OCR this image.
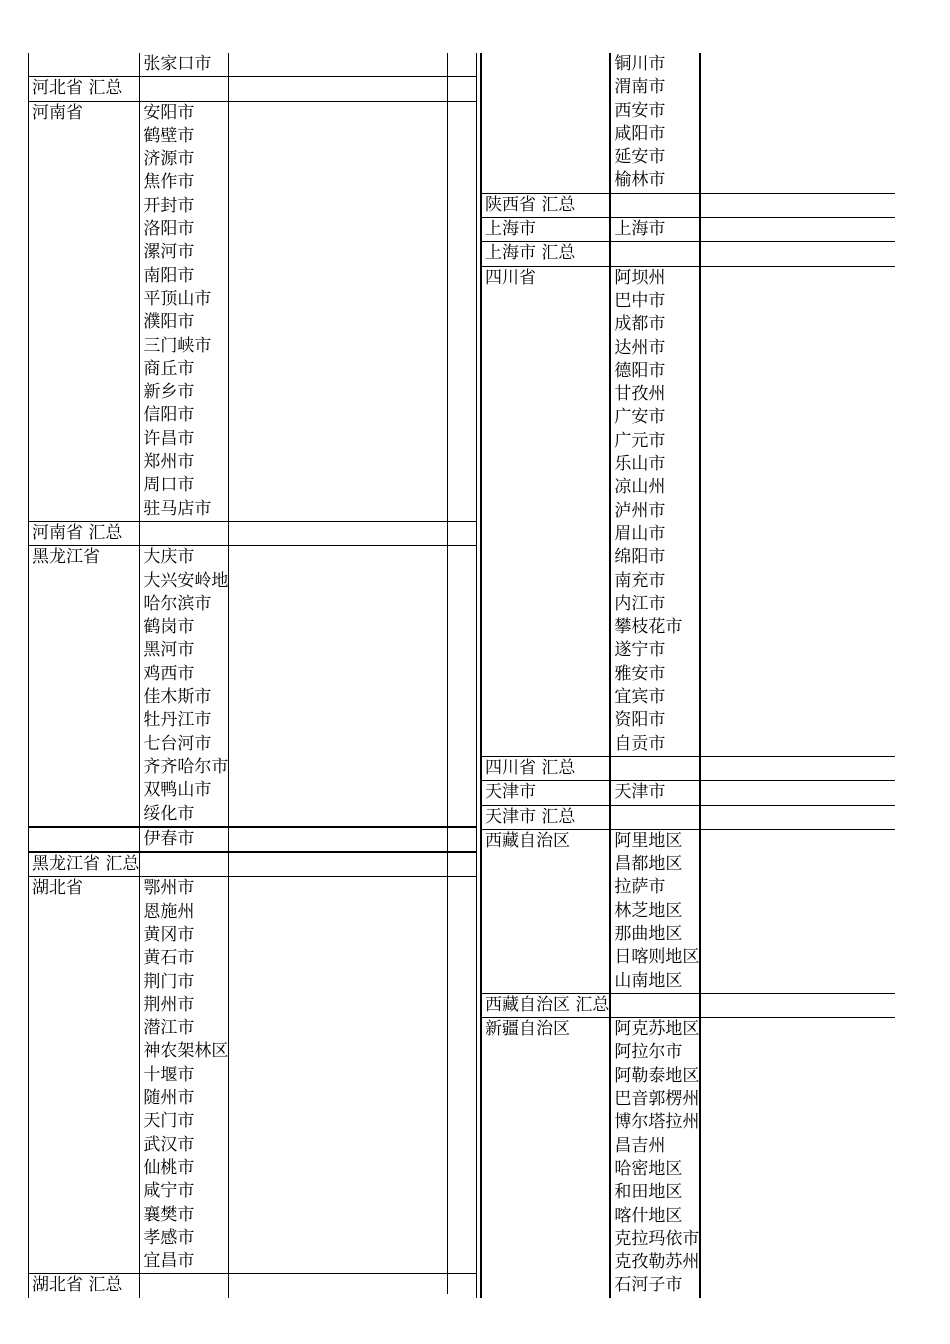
	张家口市	
河北省 汇总		
河南省	安阳市	
	鹤壁市	
	济源市	
	焦作市	
	开封市	
	洛阳市	
	漯河市	
	南阳市	
	平顶山市	
	濮阳市	
	三门峡市	
	商丘市	
	新乡市	
	信阳市	
	许昌市	
	郑州市	
	周口市	
	驻马店市	
河南省 汇总		
黑龙江省	大庆市	
	大兴安岭地	
	哈尔滨市	
	鹤岗市	
	黑河市	
	鸡西市	
	佳木斯市	
	牡丹江市	
	七台河市	
	齐齐哈尔市	
	双鸭山市	
	绥化市	
	伊春市	
黑龙江省 汇总		
湖北省	鄂州市	
	恩施州	
	黄冈市	
	黄石市	
	荆门市	
	荆州市	
	潜江市	
	神农架林区	
	十堰市	
	随州市	
	天门市	
	武汉市	
	仙桃市	
	咸宁市	
	襄樊市	
	孝感市	
	宜昌市	
湖北省 汇总		
	铜川市	
	渭南市	
	西安市	
	咸阳市	
	延安市	
	榆林市	
陕西省 汇总		
上海市	上海市	
上海市 汇总		
四川省	阿坝州	
	巴中市	
	成都市	
	达州市	
	德阳市	
	甘孜州	
	广安市	
	广元市	
	乐山市	
	凉山州	
	泸州市	
	眉山市	
	绵阳市	
	南充市	
	内江市	
	攀枝花市	
	遂宁市	
	雅安市	
	宜宾市	
	资阳市	
	自贡市	
四川省 汇总		
天津市	天津市	
天津市 汇总		
西藏自治区	阿里地区	
	昌都地区	
	拉萨市	
	林芝地区	
	那曲地区	
	日喀则地区	
	山南地区	
西藏自治区 汇总		
新疆自治区	阿克苏地区	
	阿拉尔市	
	阿勒泰地区	
	巴音郭楞州	
	博尔塔拉州	
	昌吉州	
	哈密地区	
	和田地区	
	喀什地区	
	克拉玛依市	
	克孜勒苏州	
	石河子市	
